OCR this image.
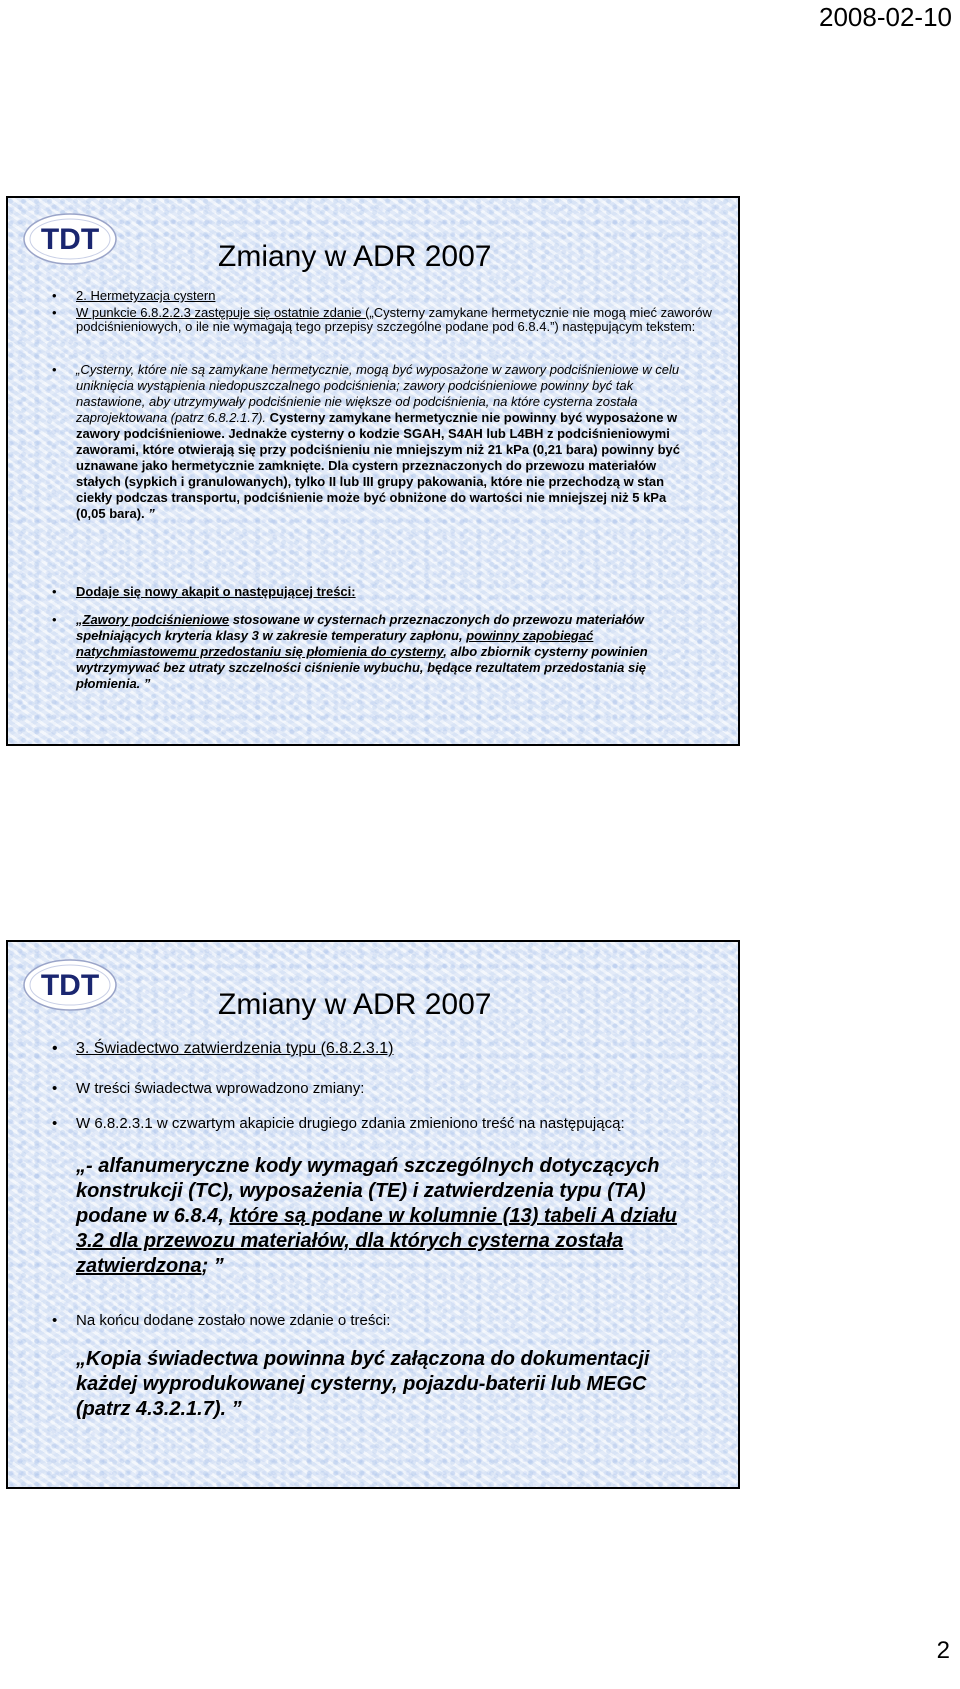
2008-02-10
TDT
Zmiany w ADR 2007
• 2. Hermetyzacja cystern
• W punkcie 6.8.2.2.3 zastępuje się ostatnie zdanie („Cysterny zamykane hermetycznie nie mogą mieć zaworów podciśnieniowych, o ile nie wymagają tego przepisy szczególne podane pod 6.8.4.”) następującym tekstem:
• „Cysterny, które nie są zamykane hermetycznie, mogą być wyposażone w zawory podciśnieniowe w celu uniknięcia wystąpienia niedopuszczalnego podciśnienia; zawory podciśnieniowe powinny być tak nastawione, aby utrzymywały podciśnienie nie większe od podciśnienia, na które cysterna została zaprojektowana (patrz 6.8.2.1.7). Cysterny zamykane hermetycznie nie powinny być wyposażone w zawory podciśnieniowe. Jednakże cysterny o kodzie SGAH, S4AH lub L4BH z podciśnieniowymi zaworami, które otwierają się przy podciśnieniu nie mniejszym niż 21 kPa (0,21 bara) powinny być uznawane jako hermetycznie zamknięte. Dla cystern przeznaczonych do przewozu materiałów stałych (sypkich i granulowanych), tylko II lub III grupy pakowania, które nie przechodzą w stan ciekły podczas transportu, podciśnienie może być obniżone do wartości nie mniejszej niż 5 kPa (0,05 bara). ”
• Dodaje się nowy akapit o następującej treści:
• „Zawory podciśnieniowe stosowane w cysternach przeznaczonych do przewozu materiałów spełniających kryteria klasy 3 w zakresie temperatury zapłonu, powinny zapobiegać natychmiastowemu przedostaniu się płomienia do cysterny, albo zbiornik cysterny powinien wytrzymywać bez utraty szczelności ciśnienie wybuchu, będące rezultatem przedostania się płomienia. ”
TDT
Zmiany w ADR 2007
• 3. Świadectwo zatwierdzenia typu (6.8.2.3.1)
• W treści świadectwa wprowadzono zmiany:
• W 6.8.2.3.1 w czwartym akapicie drugiego zdania zmieniono treść na następującą:
„- alfanumeryczne kody wymagań szczególnych dotyczących konstrukcji (TC), wyposażenia (TE) i zatwierdzenia typu (TA) podane w 6.8.4, które są podane w kolumnie (13) tabeli A działu 3.2 dla przewozu materiałów, dla których cysterna została zatwierdzona; ”
• Na końcu dodane zostało nowe zdanie o treści:
„Kopia świadectwa powinna być załączona do dokumentacji każdej wyprodukowanej cysterny, pojazdu-baterii lub MEGC (patrz 4.3.2.1.7). ”
2
